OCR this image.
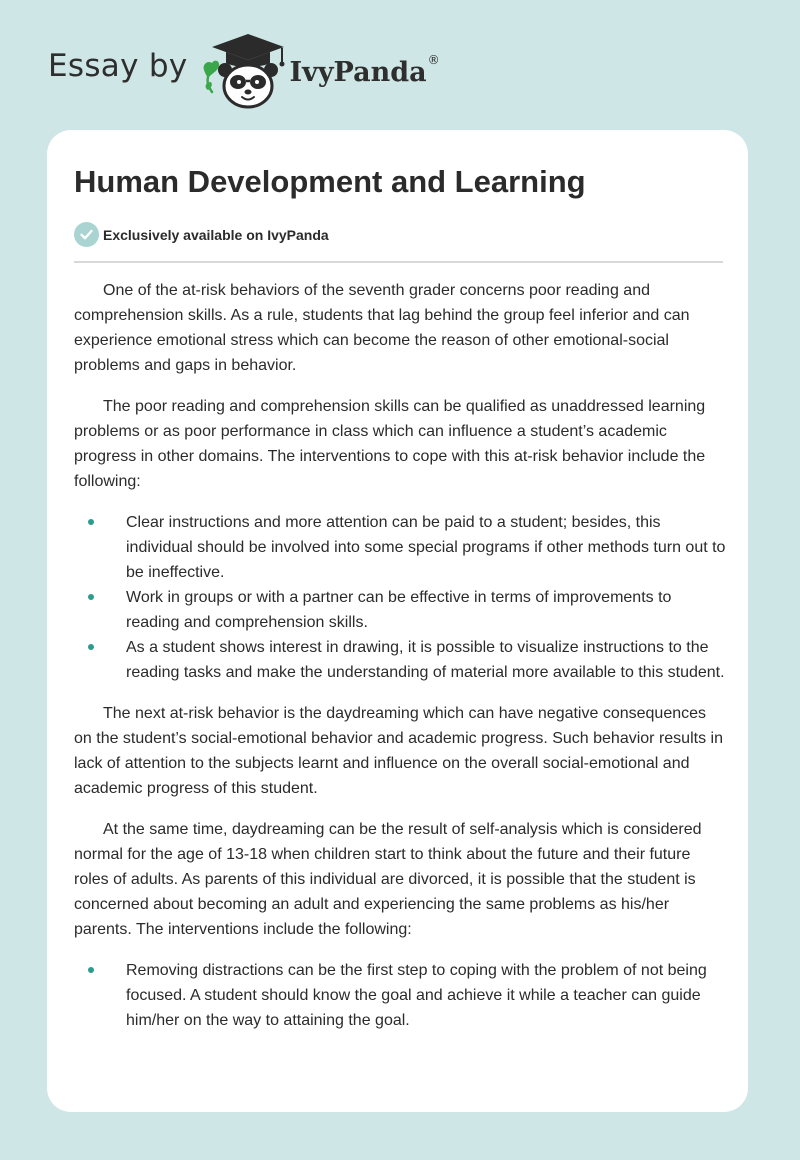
Essay by	IvyPanda ®
Human Development and Learning
Exclusively available on IvyPanda

One of the at-risk behaviors of the seventh grader concerns poor reading and comprehension skills. As a rule, students that lag behind the group feel inferior and can experience emotional stress which can become the reason of other emotional-social problems and gaps in behavior.

The poor reading and comprehension skills can be qualified as unaddressed learning problems or as poor performance in class which can influence a student’s academic progress in other domains. The interventions to cope with this at-risk behavior include the following:

Clear instructions and more attention can be paid to a student; besides, this individual should be involved into some special programs if other methods turn out to be ineffective.
Work in groups or with a partner can be effective in terms of improvements to reading and comprehension skills.
As a student shows interest in drawing, it is possible to visualize instructions to the reading tasks and make the understanding of material more available to this student.

The next at-risk behavior is the daydreaming which can have negative consequences on the student’s social-emotional behavior and academic progress. Such behavior results in lack of attention to the subjects learnt and influence on the overall social-emotional and academic progress of this student.

At the same time, daydreaming can be the result of self-analysis which is considered normal for the age of 13-18 when children start to think about the future and their future roles of adults. As parents of this individual are divorced, it is possible that the student is concerned about becoming an adult and experiencing the same problems as his/her parents. The interventions include the following:

Removing distractions can be the first step to coping with the problem of not being focused. A student should know the goal and achieve it while a teacher can guide him/her on the way to attaining the goal.
